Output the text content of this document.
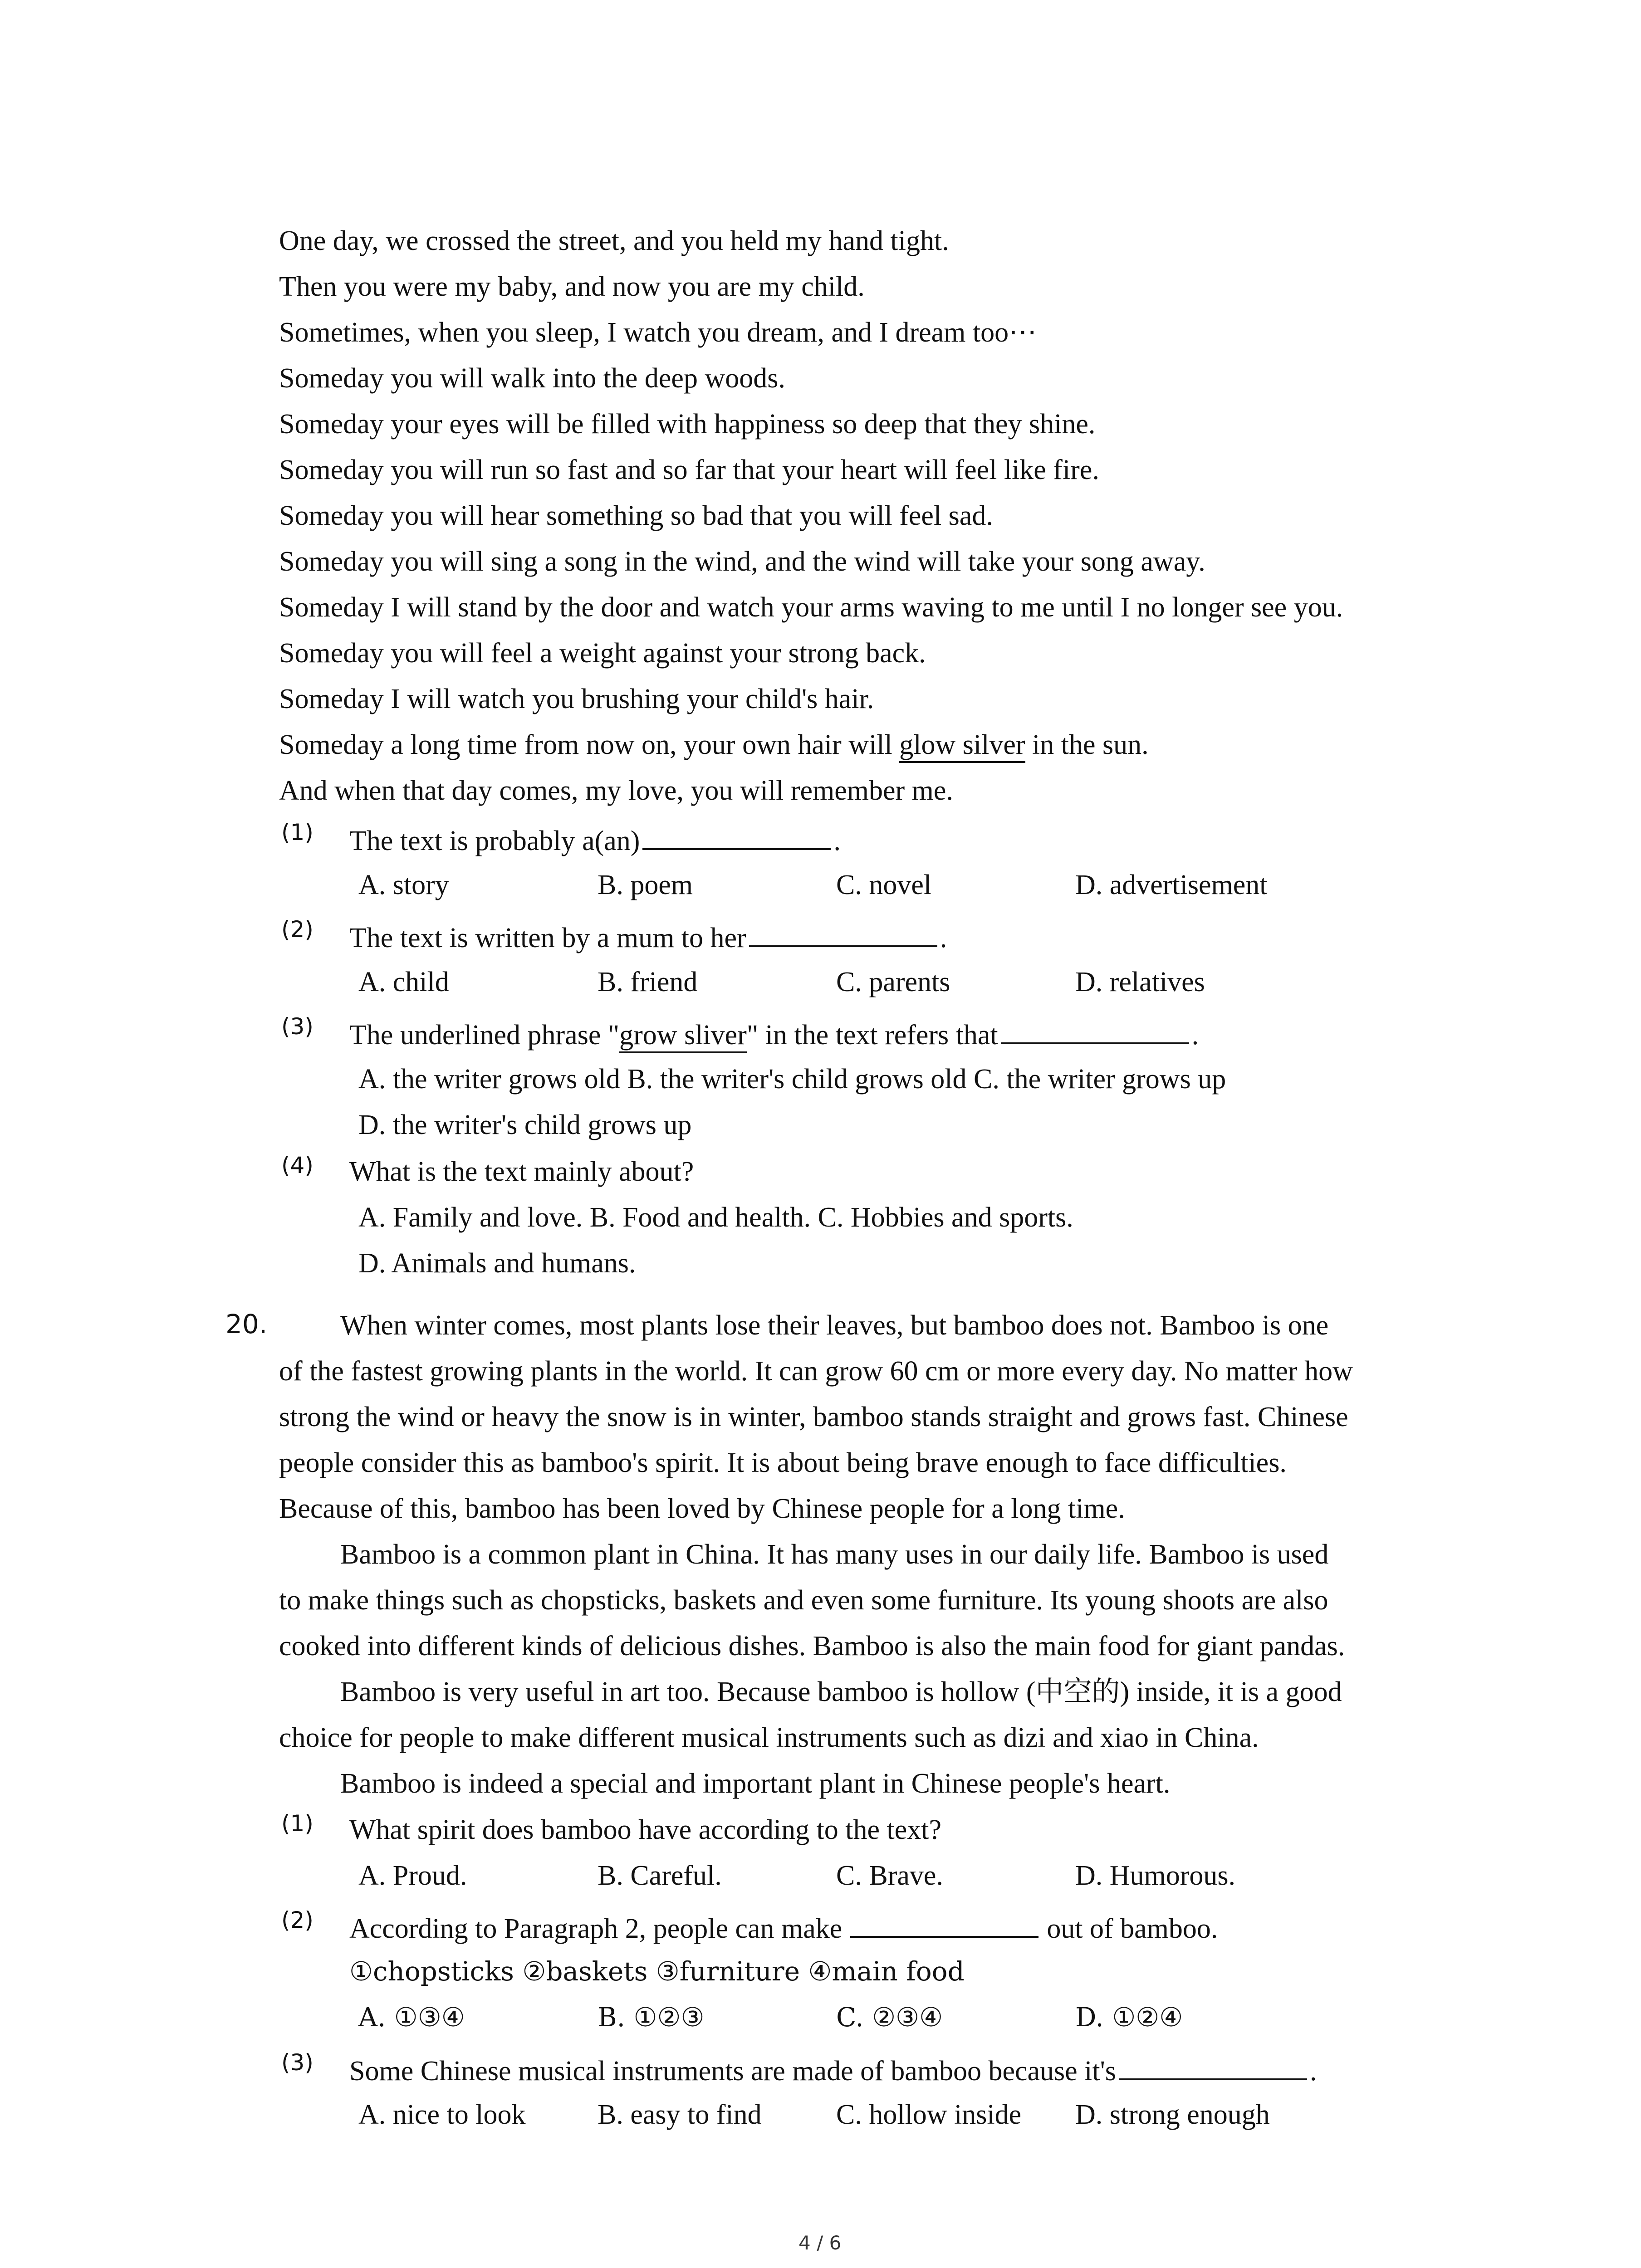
One day, we crossed the street, and you held my hand tight.
Then you were my baby, and now you are my child.
Sometimes, when you sleep, I watch you dream, and I dream too⋯
Someday you will walk into the deep woods.
Someday your eyes will be filled with happiness so deep that they shine.
Someday you will run so fast and so far that your heart will feel like fire.
Someday you will hear something so bad that you will feel sad.
Someday you will sing a song in the wind, and the wind will take your song away.
Someday I will stand by the door and watch your arms waving to me until I no longer see you.
Someday you will feel a weight against your strong back.
Someday I will watch you brushing your child's hair.
Someday a long time from now on, your own hair will glow silver in the sun.
And when that day comes, my love, you will remember me.
(1) The text is probably a(an)	.
A. story	B. poem	C. novel	D. advertisement
(2) The text is written by a mum to her	.
A. child	B. friend	C. parents	D. relatives
(3) The underlined phrase "grow sliver" in the text refers that	.
A. the writer grows old B. the writer's child grows old C. the writer grows up
D. the writer's child grows up
(4) What is the text mainly about?
A. Family and love. B. Food and health. C. Hobbies and sports.
D. Animals and humans.
20.	When winter comes, most plants lose their leaves, but bamboo does not. Bamboo is one
of the fastest growing plants in the world. It can grow 60 cm or more every day. No matter how
strong the wind or heavy the snow is in winter, bamboo stands straight and grows fast. Chinese
people consider this as bamboo's spirit. It is about being brave enough to face difficulties.
Because of this, bamboo has been loved by Chinese people for a long time.
Bamboo is a common plant in China. It has many uses in our daily life. Bamboo is used
to make things such as chopsticks, baskets and even some furniture. Its young shoots are also
cooked into different kinds of delicious dishes. Bamboo is also the main food for giant pandas.
Bamboo is very useful in art too. Because bamboo is hollow (中空的) inside, it is a good
choice for people to make different musical instruments such as dizi and xiao in China.
Bamboo is indeed a special and important plant in Chinese people's heart.
(1) What spirit does bamboo have according to the text?
A. Proud.	B. Careful.	C. Brave.	D. Humorous.
(2) According to Paragraph 2, people can make	out of bamboo.
①chopsticks ②baskets ③furniture ④main food
A. ①③④	B. ①②③	C. ②③④	D. ①②④
(3) Some Chinese musical instruments are made of bamboo because it's	.
A. nice to look	B. easy to find	C. hollow inside D. strong enough
4 / 6
